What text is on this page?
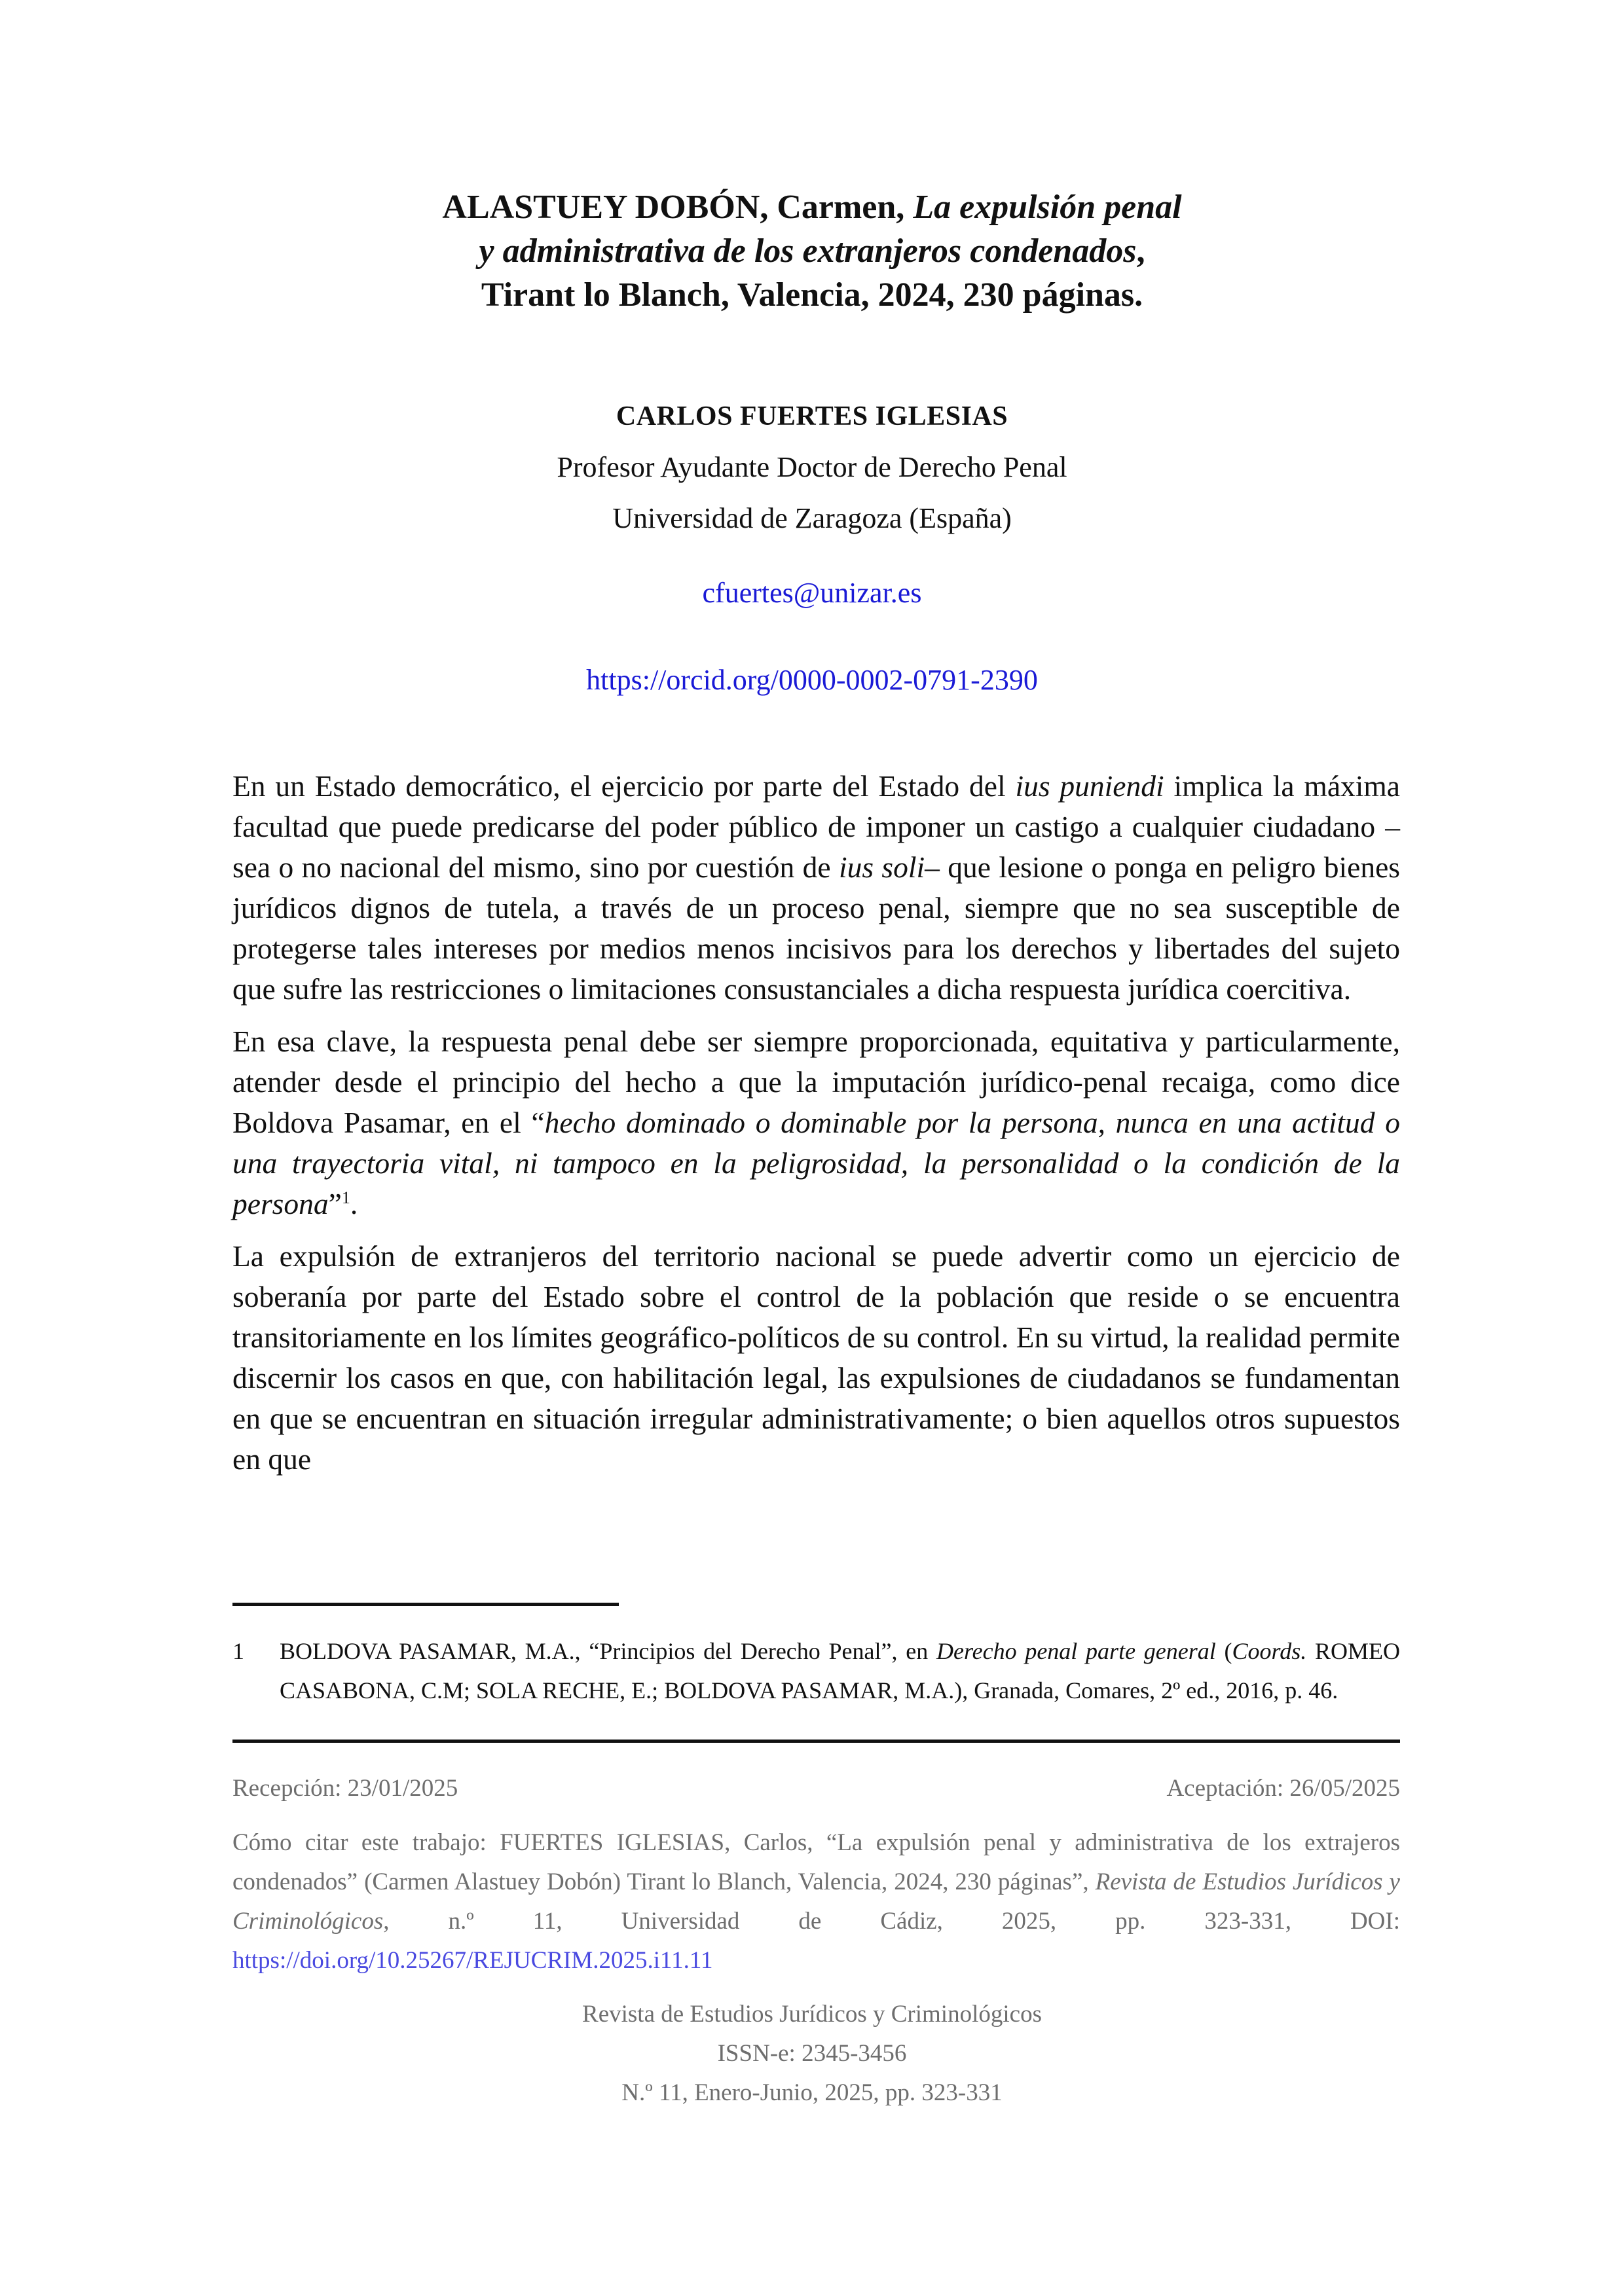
ALASTUEY DOBÓN, Carmen, La expulsión penal
y administrativa de los extranjeros condenados,
Tirant lo Blanch, Valencia, 2024, 230 páginas.
CARLOS FUERTES IGLESIAS
Profesor Ayudante Doctor de Derecho Penal
Universidad de Zaragoza (España)
cfuertes@unizar.es
https://orcid.org/0000-0002-0791-2390

En un Estado democrático, el ejercicio por parte del Estado del ius puniendi implica la máxima facultad que puede predicarse del poder público de imponer un castigo a cualquier ciudadano –sea o no nacional del mismo, sino por cuestión de ius soli– que lesione o ponga en peligro bienes jurídicos dignos de tutela, a través de un proceso penal, siempre que no sea susceptible de protegerse tales intereses por medios menos incisivos para los derechos y libertades del sujeto que sufre las restricciones o limitaciones consustanciales a dicha respuesta jurídica coercitiva.

En esa clave, la respuesta penal debe ser siempre proporcionada, equitativa y particularmente, atender desde el principio del hecho a que la imputación jurídico-penal recaiga, como dice Boldova Pasamar, en el “hecho dominado o dominable por la persona, nunca en una actitud o una trayectoria vital, ni tampoco en la peligrosidad, la personalidad o la condición de la persona”$^1$.

La expulsión de extranjeros del territorio nacional se puede advertir como un ejercicio de soberanía por parte del Estado sobre el control de la población que reside o se encuentra transitoriamente en los límites geográfico-políticos de su control. En su virtud, la realidad permite discernir los casos en que, con habilitación legal, las expulsiones de ciudadanos se fundamentan en que se encuentran en situación irregular administrativamente; o bien aquellos otros supuestos en que

1	BOLDOVA PASAMAR, M.A., “Principios del Derecho Penal”, en Derecho penal parte general (Coords. ROMEO CASABONA, C.M; SOLA RECHE, E.; BOLDOVA PASAMAR, M.A.), Granada, Comares, 2º ed., 2016, p. 46.
Recepción: 23/01/2025	Aceptación: 26/05/2025
Cómo citar este trabajo: FUERTES IGLESIAS, Carlos, “La expulsión penal y administrativa de los extrajeros condenados” (Carmen Alastuey Dobón) Tirant lo Blanch, Valencia, 2024, 230 páginas”, Revista de Estudios Jurídicos y Criminológicos, n.º 11, Universidad de Cádiz, 2025, pp. 323-331, DOI: https://doi.org/10.25267/REJUCRIM.2025.i11.11
Revista de Estudios Jurídicos y Criminológicos
ISSN-e: 2345-3456
N.º 11, Enero-Junio, 2025, pp. 323-331
